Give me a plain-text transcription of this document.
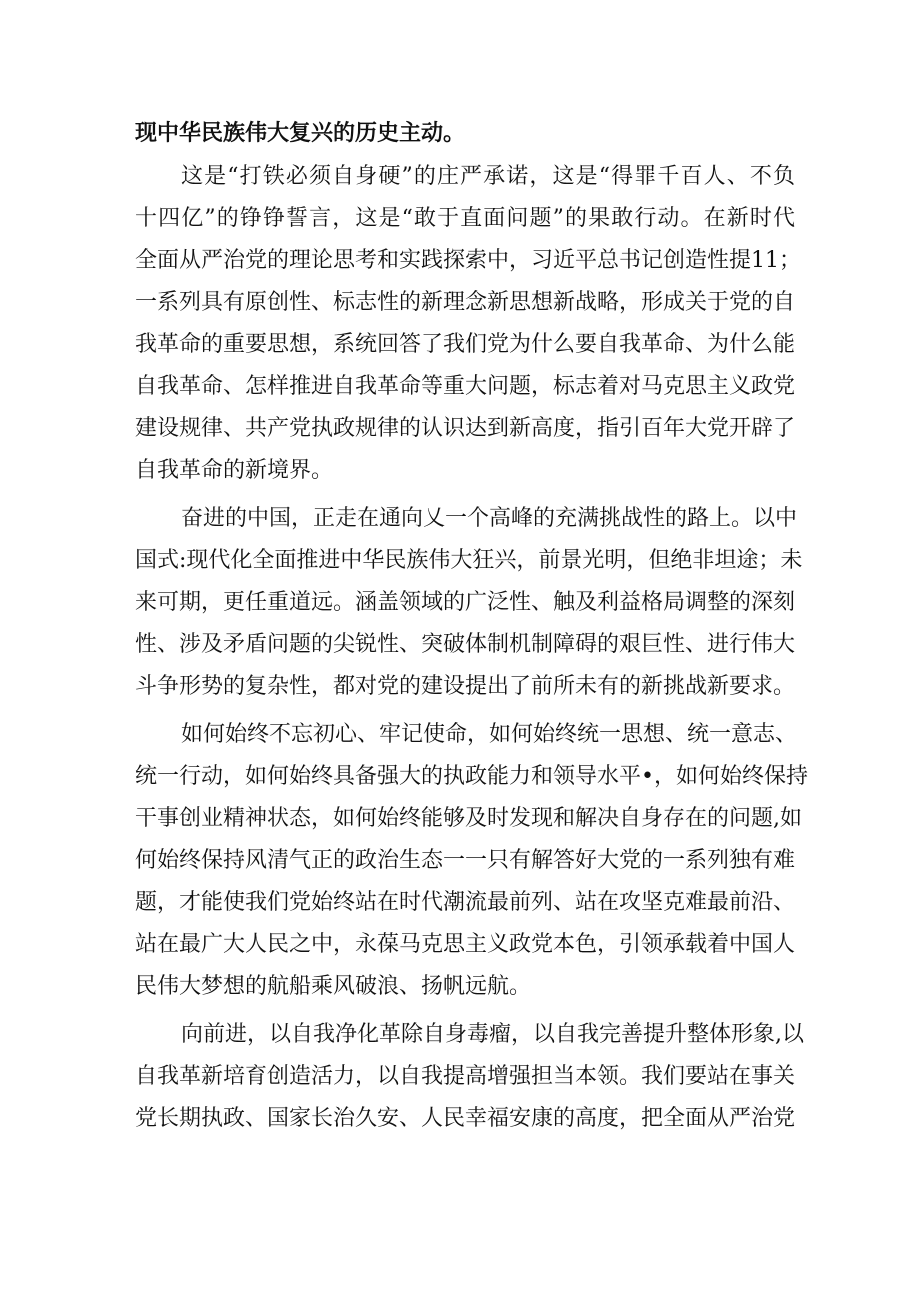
现中华民族伟大复兴的历史主动。
这是“打铁必须自身硬”的庄严承诺，这是“得罪千百人、不负
十四亿”的铮铮誓言，这是“敢于直面问题”的果敢行动。在新时代
全面从严治党的理论思考和实践探索中，习近平总书记创造性提11；
一系列具有原创性、标志性的新理念新思想新战略，形成关于党的自
我革命的重要思想，系统回答了我们党为什么要自我革命、为什么能
自我革命、怎样推进自我革命等重大问题，标志着对马克思主义政党
建设规律、共产党执政规律的认识达到新高度，指引百年大党开辟了
自我革命的新境界。
奋进的中国，正走在通向乂一个高峰的充满挑战性的路上。以中
国式:现代化全面推进中华民族伟大狂兴，前景光明，但绝非坦途；未
来可期，更任重道远。涵盖领域的广泛性、触及利益格局调整的深刻
性、涉及矛盾问题的尖锐性、突破体制机制障碍的艰巨性、进行伟大
斗争形势的复杂性，都对党的建设提出了前所未有的新挑战新要求。
如何始终不忘初心、牢记使命，如何始终统一思想、统一意志、
统一行动，如何始终具备强大的执政能力和领导水平•，如何始终保持
干事创业精神状态，如何始终能够及时发现和解决自身存在的问题,如
何始终保持风清气正的政治生态一一只有解答好大党的一系列独有难
题，才能使我们党始终站在时代潮流最前列、站在攻坚克难最前沿、
站在最广大人民之中，永葆马克思主义政党本色，引领承载着中国人
民伟大梦想的航船乘风破浪、扬帆远航。
向前进，以自我净化革除自身毒瘤，以自我完善提升整体形象,以
自我革新培育创造活力，以自我提高增强担当本领。我们要站在事关
党长期执政、国家长治久安、人民幸福安康的高度，把全面从严治党
